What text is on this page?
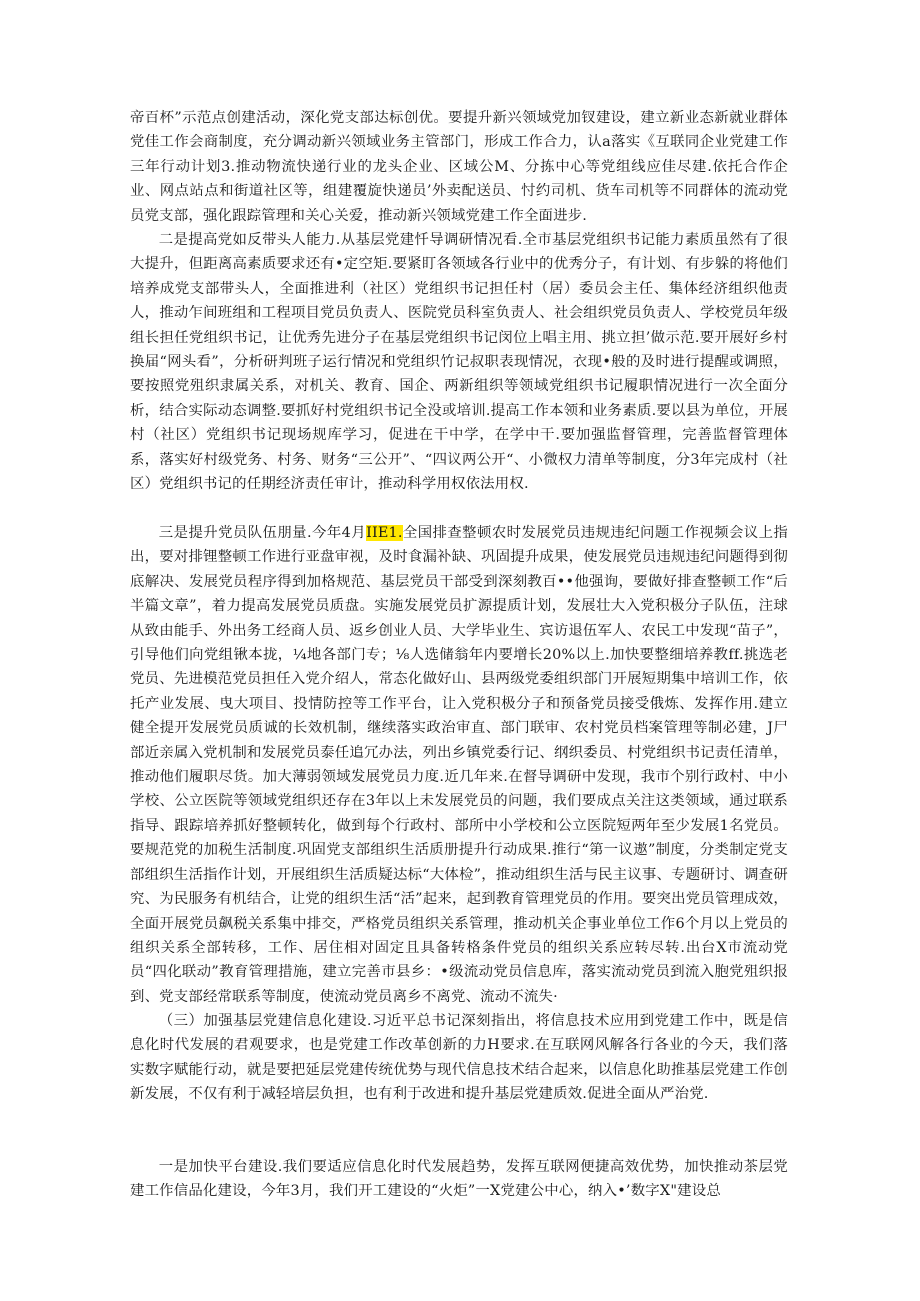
帝百杯”示范点创建活动，深化党支部达标创优。要提升新兴领域党加钗建设，建立新业态新就业群体党佳工作会商制度，充分调动新兴领域业务主管部门，形成工作合力，认a落实《互联同企业党建工作三年行动计划3.推动物流快递行业的龙头企业、区域公M、分拣中心等党组线应佳尽建.依托合作企业、网点站点和街道社区等，组建覆旋快递员’外卖配送员、忖约司机、货车司机等不同群体的流动党员党支部，强化跟踪管理和关心关爱，推动新兴领域党建工作全面进步.

二是提高党如反带头人能力.从基层党建忏导调研情况看.全市基层党组织书记能力素质虽然有了很大提升，但距离高素质要求还有•定空矩.要紧盯各领域各行业中的优秀分子，有计划、有步躲的将他们培养成党支部带头人，全面推进利（社区）党组织书记担任村（居）委员会主任、集体经济组织他责人，推动乍间班组和工程项目党员负责人、医院党员科室负责人、社会组织党员负责人、学校党员年级组长担任党组织书记，让优秀先进分子在基层党组织书记闵位上唱主用、挑立担’做示范.要开展好乡村换届“网头看”，分析研判班子运行情况和党组织竹记叔职表现情况，衣现•般的及时进行提醒或调照，要按照党殂织隶属关系，对机关、教育、国企、两新组织等领域党组织书记履职情况进行一次全面分析，结合实际动态调整.要抓好村党组织书记全没或培训.提高工作本领和业务素质.要以县为单位，开展村（社区）党组织书记现场规库学习，促进在干中学，在学中干.要加强监督管理，完善监督管理体系，落实好村级党务、村务、财务“三公开”、“四议两公开“、小微权力清单等制度，分3年完成村（社区）党组织书记的任期经济责任审计，推动科学用权依法用权.

三是提升党员队伍朋量.今年4月IIE1.全国排查整顿农时发展党员违规违纪问题工作视频会议上指出，要对排锂整顿工作进行亚盘审视，及时食漏补缺、巩固提升成果，使发展党员违规违纪问题得到彻底解决、发展党员程序得到加格规范、基层党员干部受到深刻教百••他强询，要做好排查整顿工作“后半篇文章”，着力提高发展党员质盘。实施发展党员扩源提质计划，发展壮大入党积极分子队伍，注球从致由能手、外出务工经商人员、返乡创业人员、大学毕业生、宾访退伍军人、农民工中发现“苗子”，引导他们向党组锹本拢，¼地各部门专；⅛人选储翁年内要增长20%以上.加快要整细培养教ff.挑选老党员、先进模范党员担任入党介绍人，常态化做好山、县两级党委组织部门开展短期集中培训工作，依托产业发展、曳大项目、投情防控等工作平台，让入党积极分子和预备党员接受俄炼、发挥作用.建立健全提开发展党员质诚的长效机制，继续落实政治审直、部门联审、农村党员档案管理等制必建，J尸部近亲属入党机制和发展党员泰任追冗办法，列出乡镇党委行记、纲织委员、村党组织书记责任清单，推动他们履职尽货。加大薄弱领域发展党员力度.近几年来.在督导调研中发现，我市个别行政村、中小学校、公立医院等领域党组织还存在3年以上未发展党员的问题，我们要成点关注这类领域，通过联系指导、跟踪培养抓好整顿转化，做到每个行政村、部所中小学校和公立医院短两年至少发展1名党员。要规范党的加税生活制度.巩固党支部组织生活质册提升行动成果.推行“第一议遨”制度，分类制定党支部组织生活指作计划，开展组织生活质疑达标“大体检”，推动组织生活与民主议事、专题研讨、调查研究、为民服务有机结合，让党的组织生活“活”起来，起到教育管理党员的作用。要突出党员管理成效，全面开展党员飙税关系集中排交，严格党员组织关系管理，推动机关企事业单位工作6个月以上党员的组织关系全部转移，工作、居住相对固定且具备转格条件党员的组织关系应转尽转.出台X市流动党员“四化联动”教育管理措施，建立完善市县乡：•级流动党员信息库，落实流动党员到流入胞党殂织报到、党支部经常联系等制度，使流动党员离乡不离党、流动不流失·

（三）加强基层党建信息化建设.习近平总书记深刻指出，将信息技术应用到党建工作中，既是信息化时代发展的君观要求，也是党建工作改革创新的力H要求.在互联网风解各行各业的今天，我们落实数字赋能行动，就是要把延层党建传统优势与现代信息技术结合起来，以信息化助推基层党建工作创新发展，不仅有利于减轻培层负担，也有利于改进和提升基层党建质效.促进全面从严治党.

一是加快平台建设.我们要适应信息化时代发展趋势，发挥互联网便捷高效优势，加快推动茶层党建工作信品化建设，今年3月，我们开工建设的“火炬”一X党建公中心，纳入•’数字X"建设总
